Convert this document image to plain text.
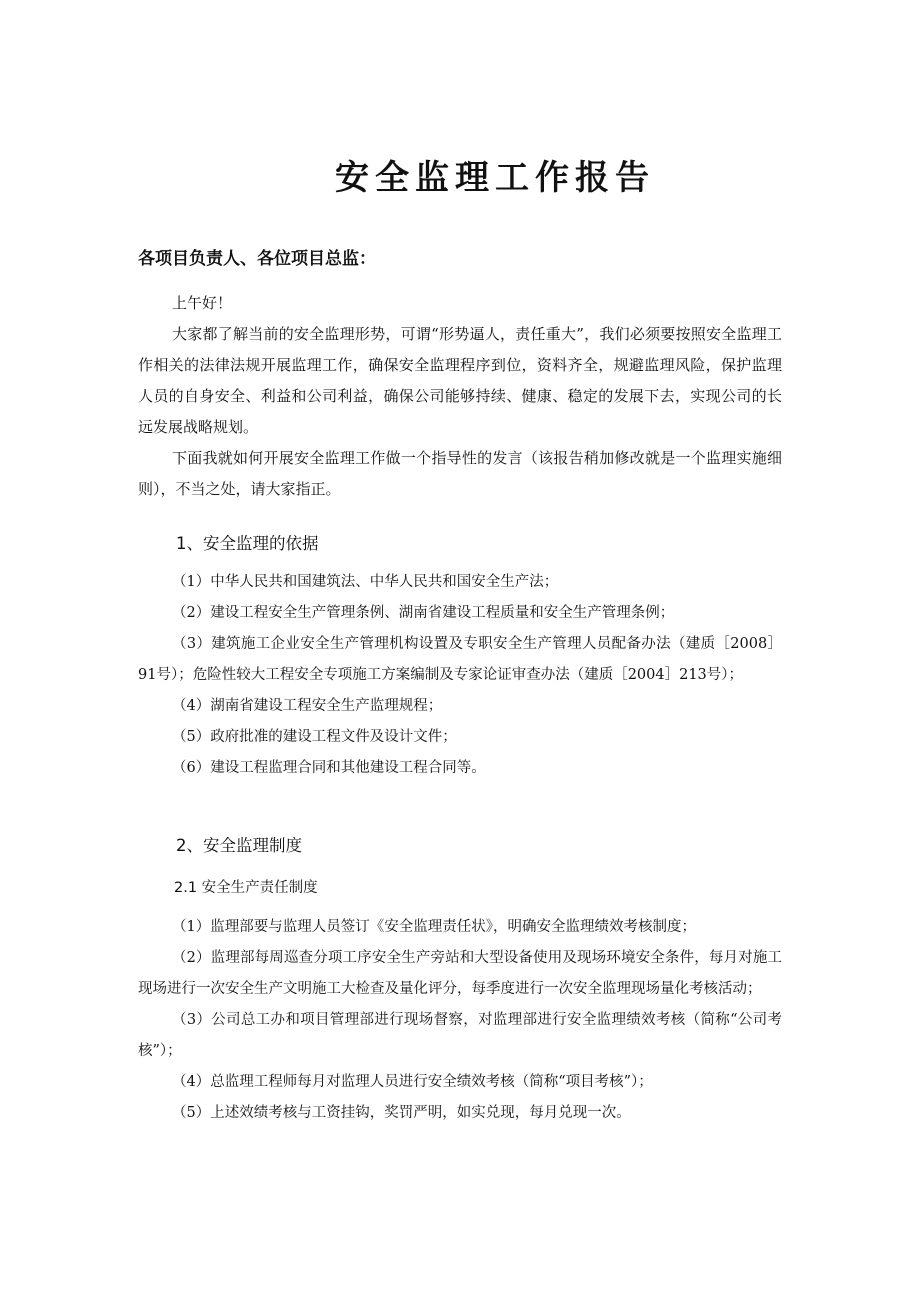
安全监理工作报告

各项目负责人、各位项目总监：

上午好！

大家都了解当前的安全监理形势，可谓“形势逼人，责任重大”，我们必须要按照安全监理工作相关的法律法规开展监理工作，确保安全监理程序到位，资料齐全，规避监理风险，保护监理人员的自身安全、利益和公司利益，确保公司能够持续、健康、稳定的发展下去，实现公司的长远发展战略规划。

下面我就如何开展安全监理工作做一个指导性的发言（该报告稍加修改就是一个监理实施细则），不当之处，请大家指正。

1、安全监理的依据

（1）中华人民共和国建筑法、中华人民共和国安全生产法；

（2）建设工程安全生产管理条例、湖南省建设工程质量和安全生产管理条例；

（3）建筑施工企业安全生产管理机构设置及专职安全生产管理人员配备办法（建质［2008］91号）；危险性较大工程安全专项施工方案编制及专家论证审查办法（建质［2004］213号）；

（4）湖南省建设工程安全生产监理规程；

（5）政府批准的建设工程文件及设计文件；

（6）建设工程监理合同和其他建设工程合同等。

2、安全监理制度
2.1 安全生产责任制度

（1）监理部要与监理人员签订《安全监理责任状》，明确安全监理绩效考核制度；

（2）监理部每周巡查分项工序安全生产旁站和大型设备使用及现场环境安全条件，每月对施工现场进行一次安全生产文明施工大检查及量化评分，每季度进行一次安全监理现场量化考核活动；

（3）公司总工办和项目管理部进行现场督察，对监理部进行安全监理绩效考核（简称“公司考核”）；

（4）总监理工程师每月对监理人员进行安全绩效考核（简称“项目考核”）；

（5）上述效绩考核与工资挂钩，奖罚严明，如实兑现，每月兑现一次。
